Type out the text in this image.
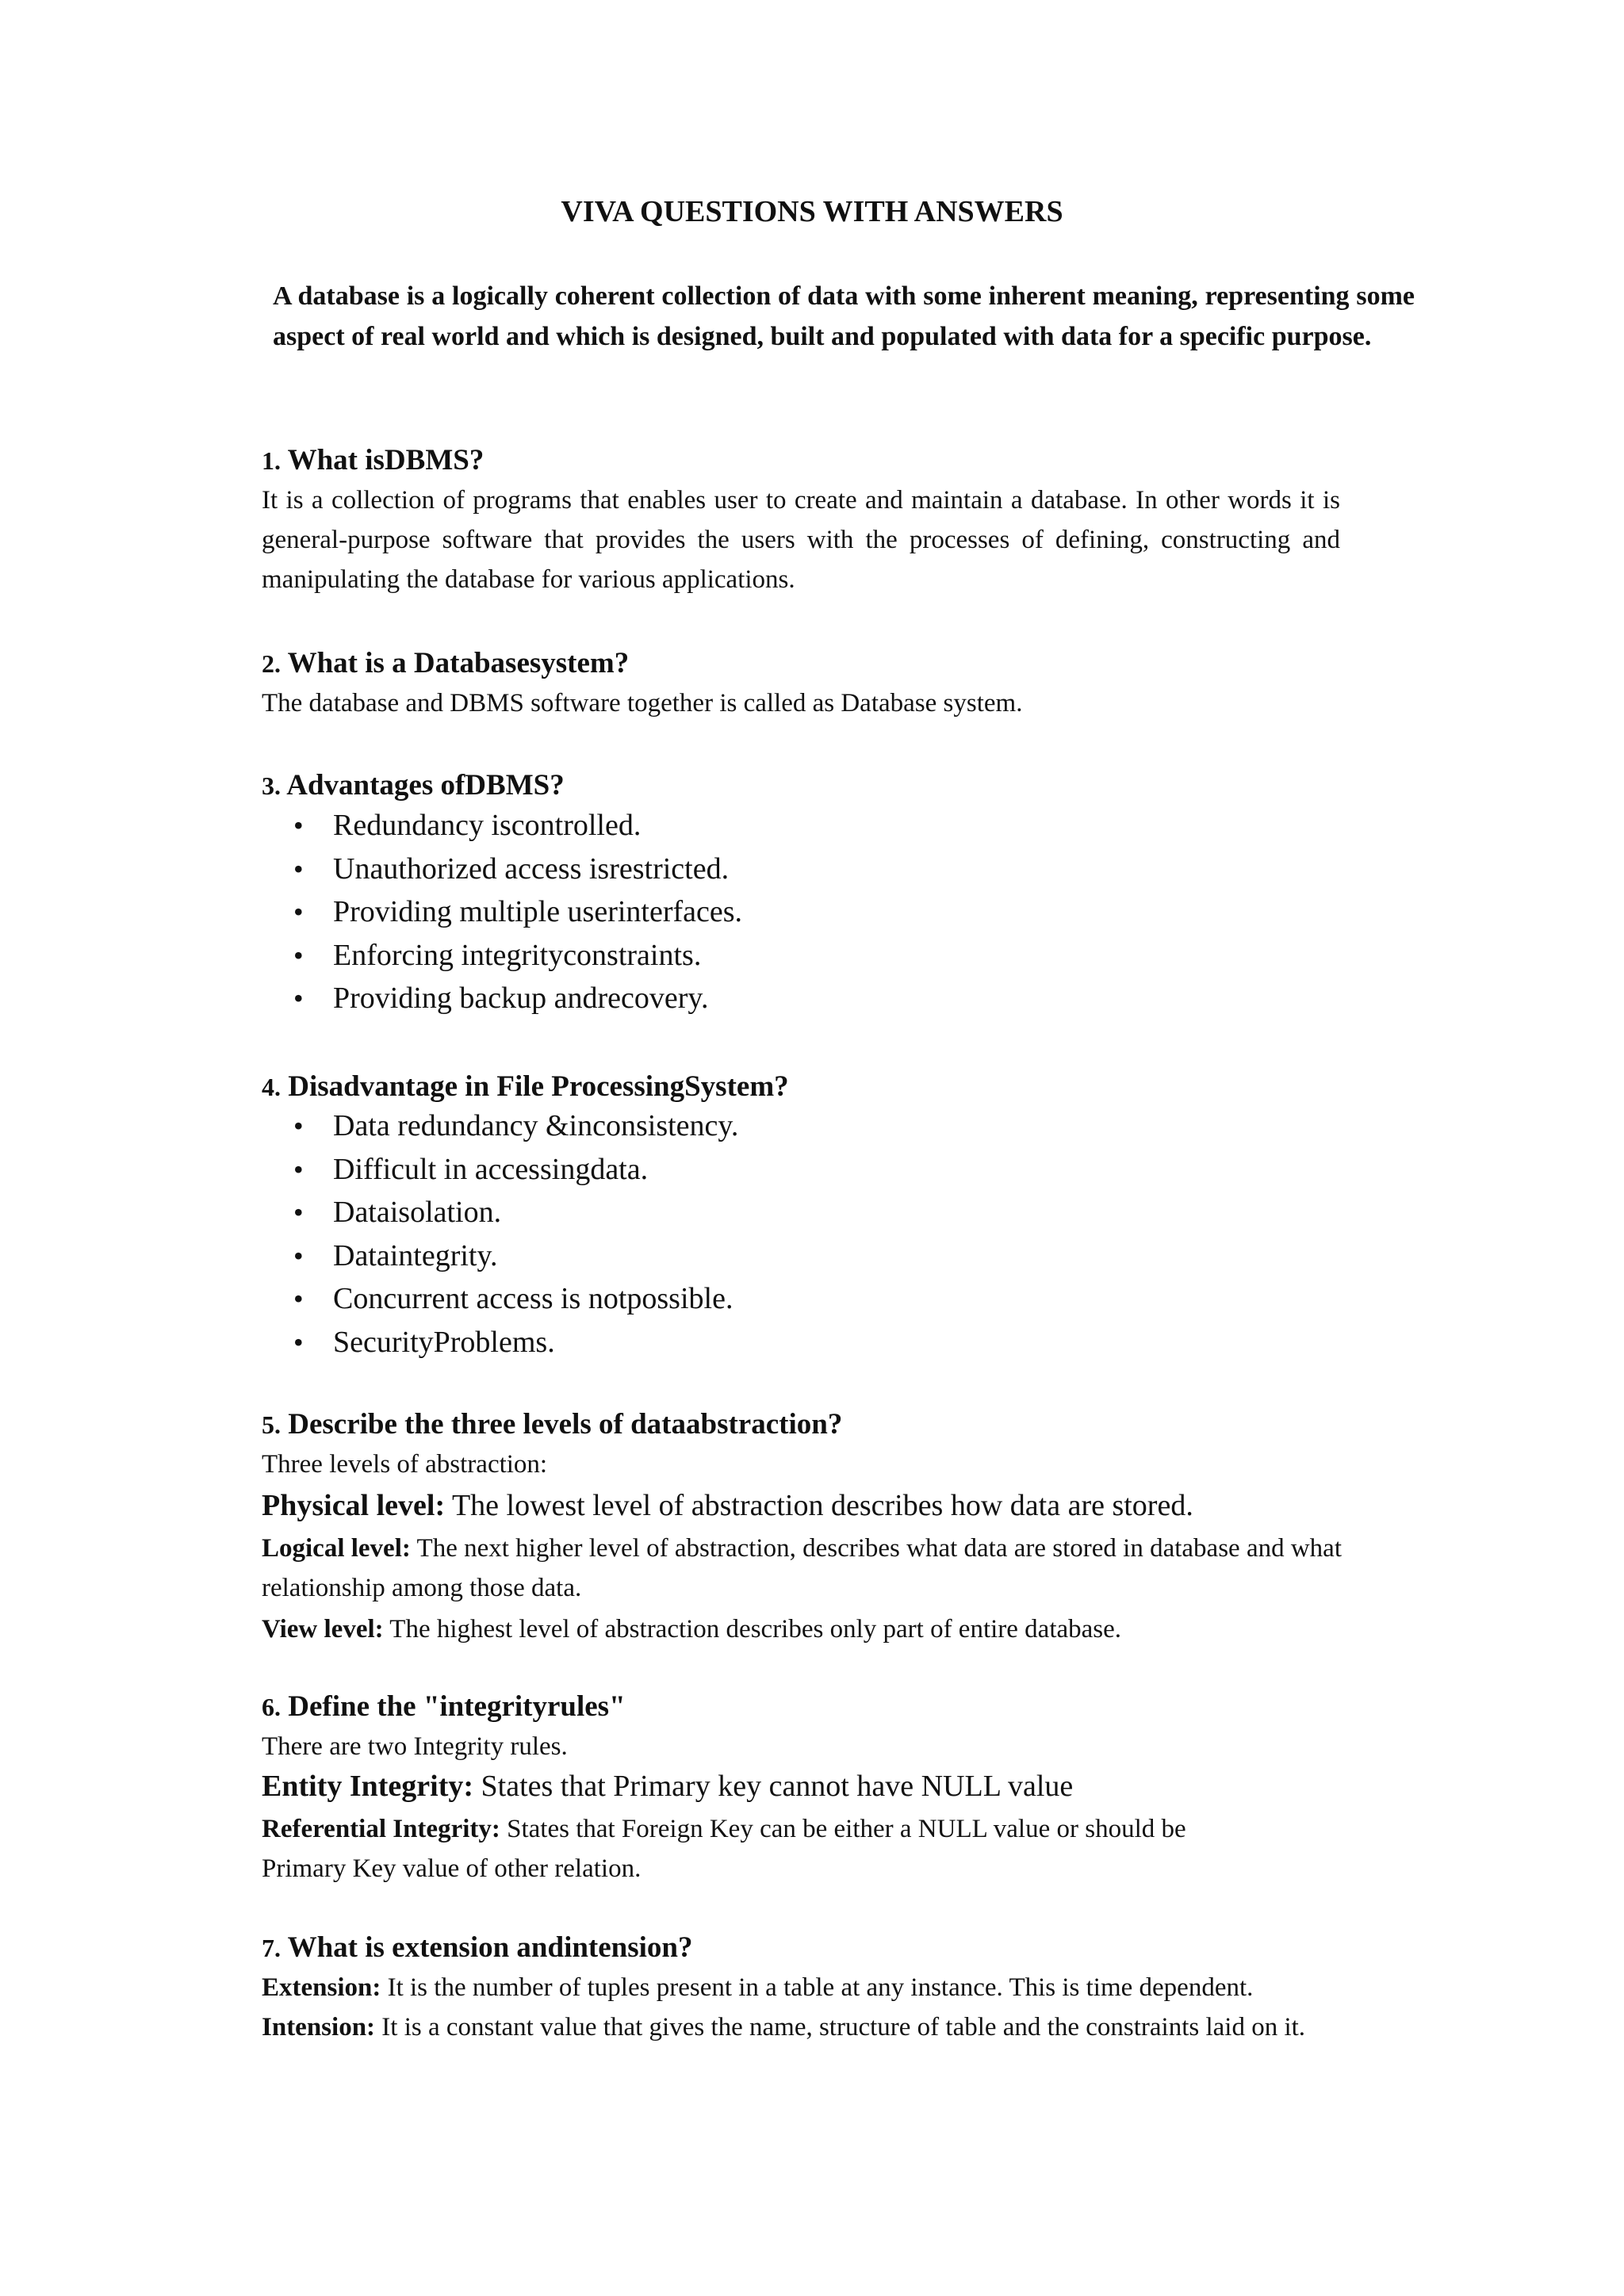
VIVA QUESTIONS WITH ANSWERS

A database is a logically coherent collection of data with some inherent meaning, representing some aspect of real world and which is designed, built and populated with data for a specific purpose.

1. What isDBMS?

It is a collection of programs that enables user to create and maintain a database. In other words it is general-purpose software that provides the users with the processes of defining, constructing and manipulating the database for various applications.

2. What is a Databasesystem?

The database and DBMS software together is called as Database system.

3. Advantages ofDBMS?
• Redundancy iscontrolled.
• Unauthorized access isrestricted.
• Providing multiple userinterfaces.
• Enforcing integrityconstraints.
• Providing backup andrecovery.
4. Disadvantage in File ProcessingSystem?
• Data redundancy &inconsistency.
• Difficult in accessingdata.
• Dataisolation.
• Dataintegrity.
• Concurrent access is notpossible.
• SecurityProblems.
5. Describe the three levels of dataabstraction?

Three levels of abstraction:

Physical level: The lowest level of abstraction describes how data are stored.

Logical level: The next higher level of abstraction, describes what data are stored in database and what relationship among those data.

View level: The highest level of abstraction describes only part of entire database.

6. Define the "integrityrules"

There are two Integrity rules.

Entity Integrity: States that Primary key cannot have NULL value

Referential Integrity: States that Foreign Key can be either a NULL value or should be

Primary Key value of other relation.

7. What is extension andintension?

Extension: It is the number of tuples present in a table at any instance. This is time dependent.

Intension: It is a constant value that gives the name, structure of table and the constraints laid on it.
